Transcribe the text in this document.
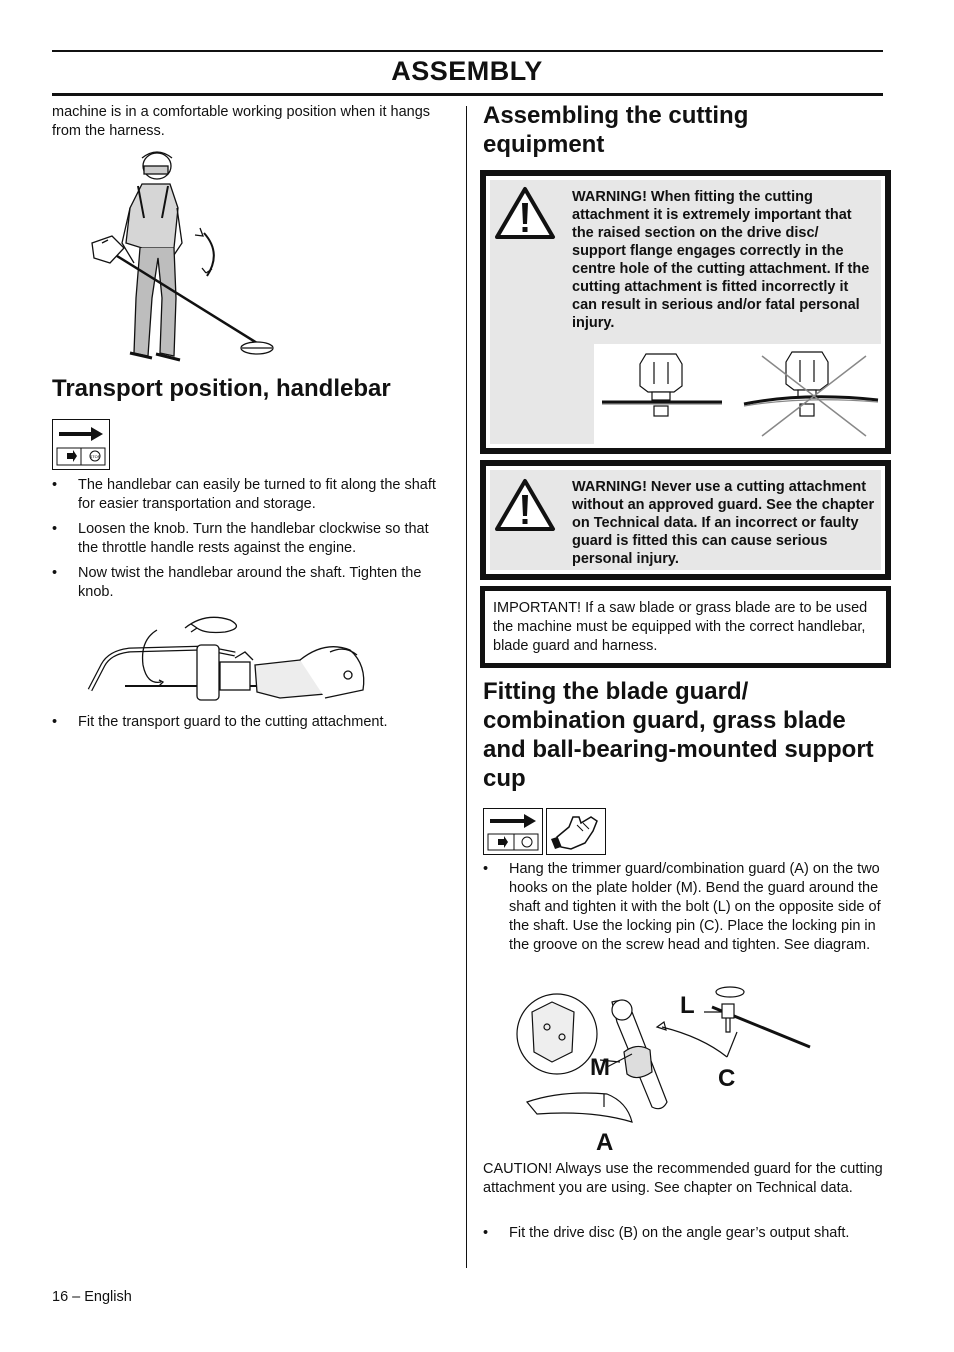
ASSEMBLY
machine is in a comfortable working position when it hangs from the harness.
Transport position, handlebar
STOP
• The handlebar can easily be turned to fit along the shaft for easier transportation and storage.
• Loosen the knob. Turn the handlebar clockwise so that the throttle handle rests against the engine.
• Now twist the handlebar around the shaft. Tighten the knob.
• Fit the transport guard to the cutting attachment.
Assembling the cutting equipment
WARNING! When fitting the cutting attachment it is extremely important that the raised section on the drive disc/ support flange engages correctly in the centre hole of the cutting attachment. If the cutting attachment is fitted incorrectly it can result in serious and/or fatal personal injury.
WARNING! Never use a cutting attachment without an approved guard. See the chapter on Technical data. If an incorrect or faulty guard is fitted this can cause serious personal injury.
IMPORTANT! If a saw blade or grass blade are to be used the machine must be equipped with the correct handlebar, blade guard and harness.
Fitting the blade guard/ combination guard, grass blade and ball-bearing-mounted support cup
• Hang the trimmer guard/combination guard (A) on the two hooks on the plate holder (M). Bend the guard around the shaft and tighten it with the bolt (L) on the opposite side of the shaft. Use the locking pin (C). Place the locking pin in the groove on the screw head and tighten. See diagram.
L
M	C
A
CAUTION! Always use the recommended guard for the cutting attachment you are using. See chapter on Technical data.
• Fit the drive disc (B) on the angle gear’s output shaft.
16 – English
